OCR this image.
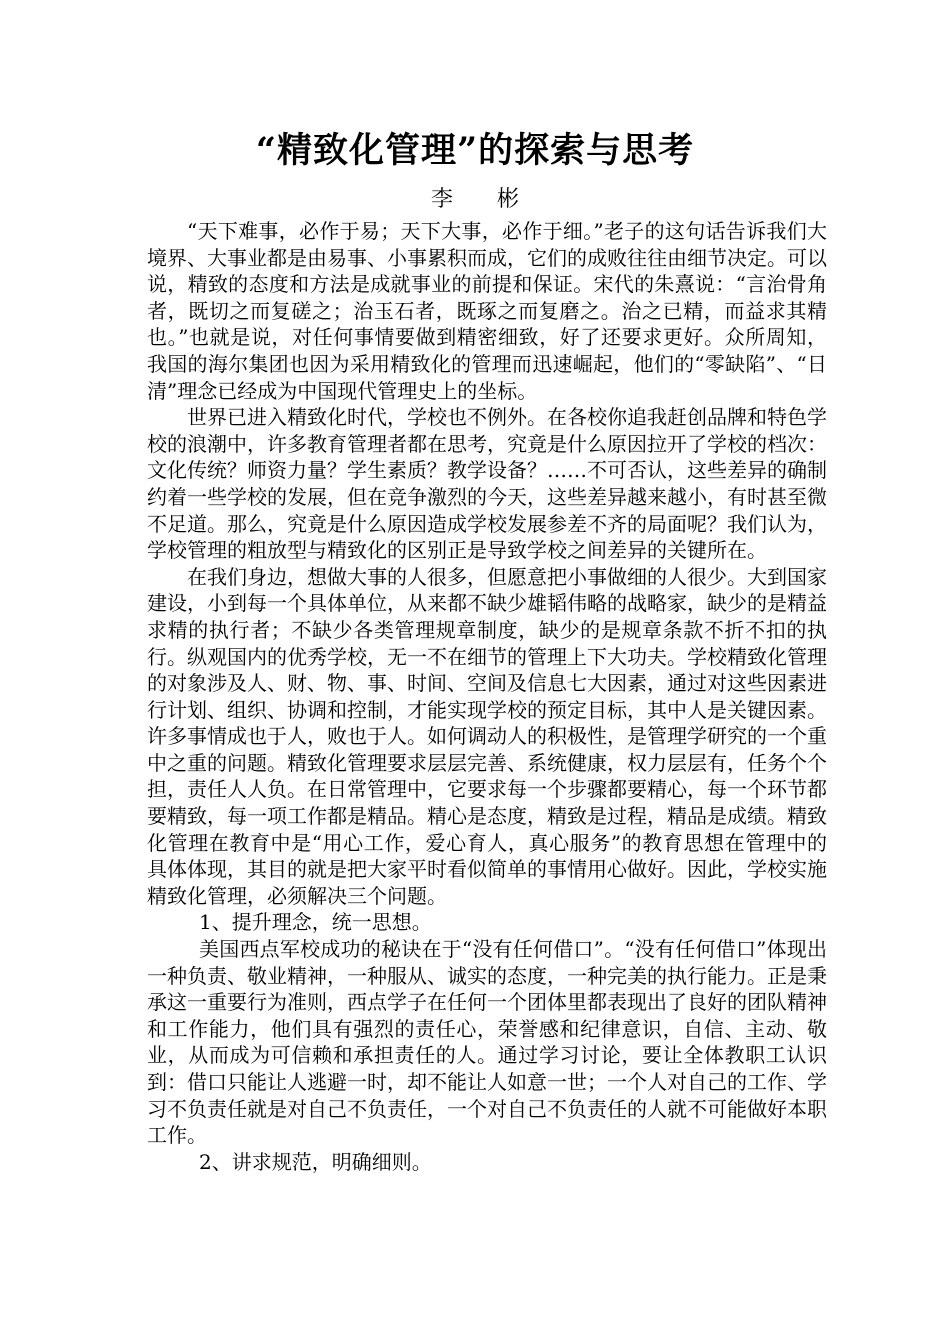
“精致化管理”的探索与思考
李　　彬

“天下难事，必作于易；天下大事，必作于细。”老子的这句话告诉我们大境界、大事业都是由易事、小事累积而成，它们的成败往往由细节决定。可以说，精致的态度和方法是成就事业的前提和保证。宋代的朱熹说：“言治骨角者，既切之而复磋之；治玉石者，既琢之而复磨之。治之已精，而益求其精也。”也就是说，对任何事情要做到精密细致，好了还要求更好。众所周知，我国的海尔集团也因为采用精致化的管理而迅速崛起，他们的“零缺陷”、“日清”理念已经成为中国现代管理史上的坐标。

世界已进入精致化时代，学校也不例外。在各校你追我赶创品牌和特色学校的浪潮中，许多教育管理者都在思考，究竟是什么原因拉开了学校的档次：文化传统？师资力量？学生素质？教学设备？……不可否认，这些差异的确制约着一些学校的发展，但在竞争激烈的今天，这些差异越来越小，有时甚至微不足道。那么，究竟是什么原因造成学校发展参差不齐的局面呢？我们认为，学校管理的粗放型与精致化的区别正是导致学校之间差异的关键所在。

在我们身边，想做大事的人很多，但愿意把小事做细的人很少。大到国家建设，小到每一个具体单位，从来都不缺少雄韬伟略的战略家，缺少的是精益求精的执行者；不缺少各类管理规章制度，缺少的是规章条款不折不扣的执行。纵观国内的优秀学校，无一不在细节的管理上下大功夫。学校精致化管理的对象涉及人、财、物、事、时间、空间及信息七大因素，通过对这些因素进行计划、组织、协调和控制，才能实现学校的预定目标，其中人是关键因素。许多事情成也于人，败也于人。如何调动人的积极性，是管理学研究的一个重中之重的问题。精致化管理要求层层完善、系统健康，权力层层有，任务个个担，责任人人负。在日常管理中，它要求每一个步骤都要精心，每一个环节都要精致，每一项工作都是精品。精心是态度，精致是过程，精品是成绩。精致化管理在教育中是“用心工作，爱心育人，真心服务”的教育思想在管理中的具体体现，其目的就是把大家平时看似简单的事情用心做好。因此，学校实施精致化管理，必须解决三个问题。

1、提升理念，统一思想。

美国西点军校成功的秘诀在于“没有任何借口”。“没有任何借口”体现出一种负责、敬业精神，一种服从、诚实的态度，一种完美的执行能力。正是秉承这一重要行为准则，西点学子在任何一个团体里都表现出了良好的团队精神和工作能力，他们具有强烈的责任心，荣誉感和纪律意识，自信、主动、敬业，从而成为可信赖和承担责任的人。通过学习讨论，要让全体教职工认识到：借口只能让人逃避一时，却不能让人如意一世；一个人对自己的工作、学习不负责任就是对自己不负责任，一个对自己不负责任的人就不可能做好本职工作。

2、讲求规范，明确细则。
